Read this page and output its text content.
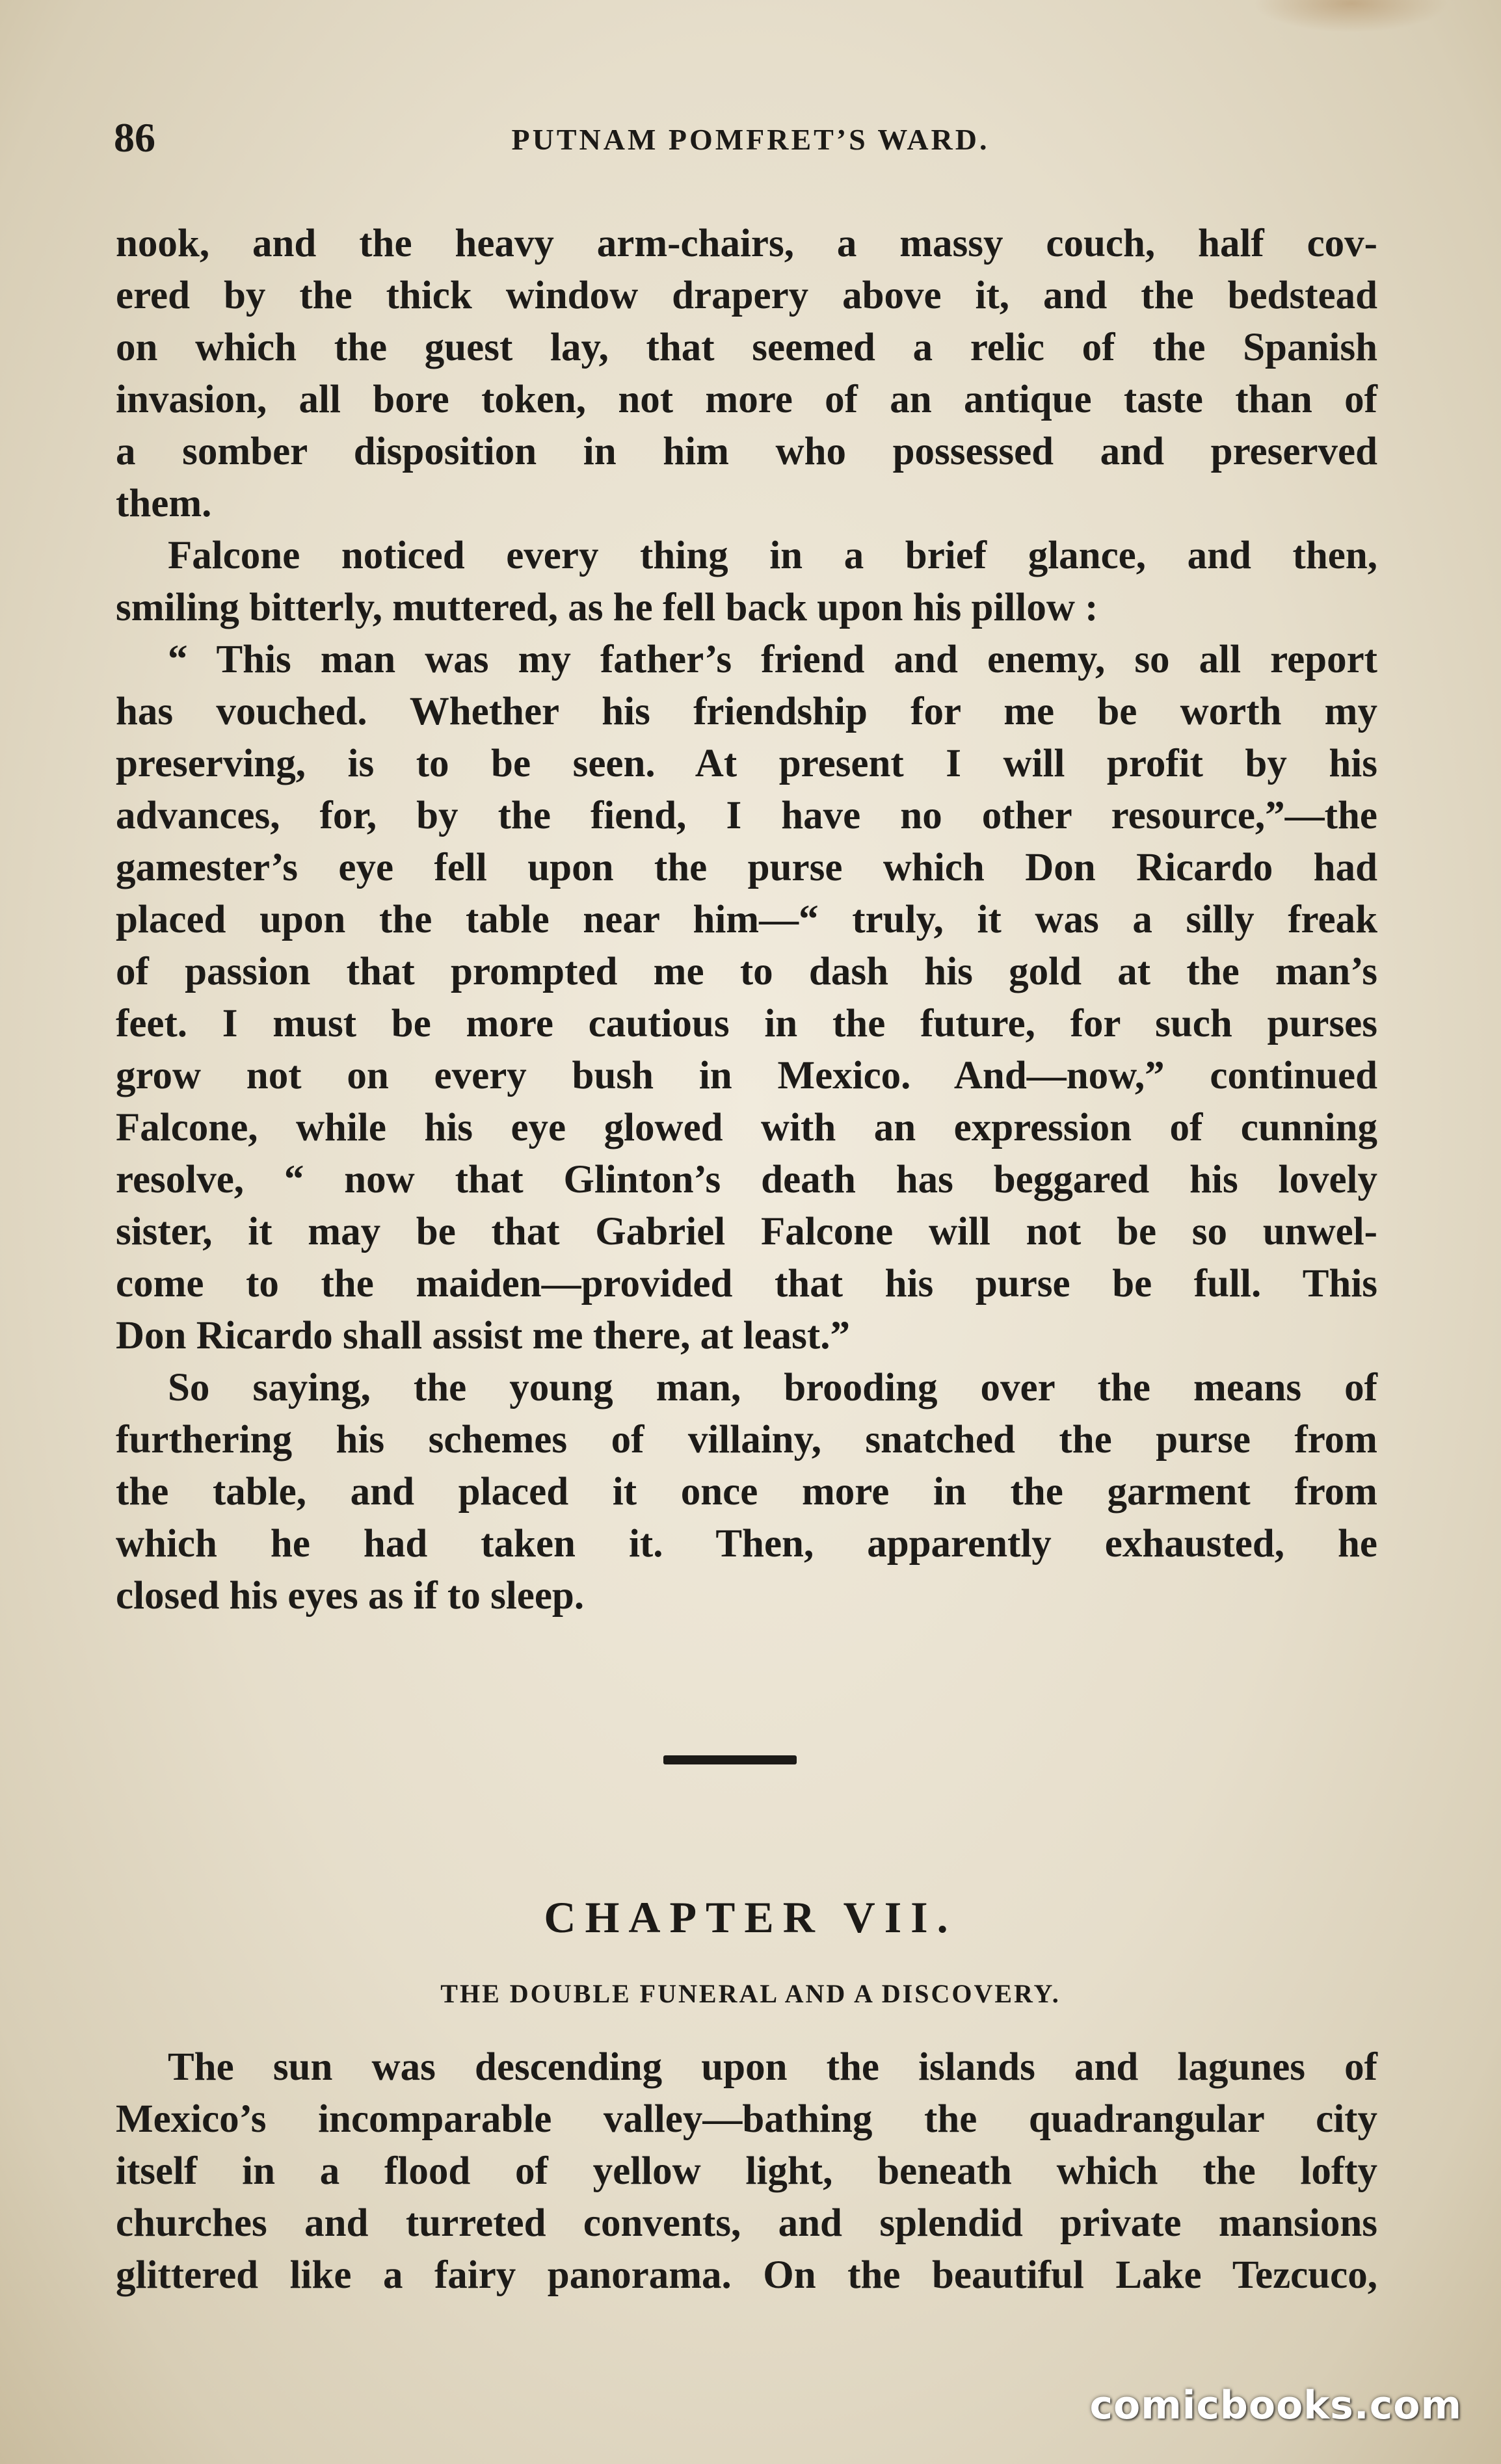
86	PUTNAM POMFRET’S WARD.
nook, and the heavy arm-chairs, a massy couch, half cov-
ered by the thick window drapery above it, and the bedstead
on which the guest lay, that seemed a relic of the Spanish
invasion, all bore token, not more of an antique taste than of
a somber disposition in him who possessed and preserved
them.
Falcone noticed every thing in a brief glance, and then,
smiling bitterly, muttered, as he fell back upon his pillow :
“ This man was my father’s friend and enemy, so all report
has vouched. Whether his friendship for me be worth my
preserving, is to be seen. At present I will profit by his
advances, for, by the fiend, I have no other resource,”—the
gamester’s eye fell upon the purse which Don Ricardo had
placed upon the table near him—“ truly, it was a silly freak
of passion that prompted me to dash his gold at the man’s
feet. I must be more cautious in the future, for such purses
grow not on every bush in Mexico. And—now,” continued
Falcone, while his eye glowed with an expression of cunning
resolve, “ now that Glinton’s death has beggared his lovely
sister, it may be that Gabriel Falcone will not be so unwel-
come to the maiden—provided that his purse be full. This
Don Ricardo shall assist me there, at least.”
So saying, the young man, brooding over the means of
furthering his schemes of villainy, snatched the purse from
the table, and placed it once more in the garment from
which he had taken it. Then, apparently exhausted, he
closed his eyes as if to sleep.
CHAPTER VII.
THE DOUBLE FUNERAL AND A DISCOVERY.
The sun was descending upon the islands and lagunes of
Mexico’s incomparable valley—bathing the quadrangular city
itself in a flood of yellow light, beneath which the lofty
churches and turreted convents, and splendid private mansions
glittered like a fairy panorama. On the beautiful Lake Tezcuco,
comicbooks.com
